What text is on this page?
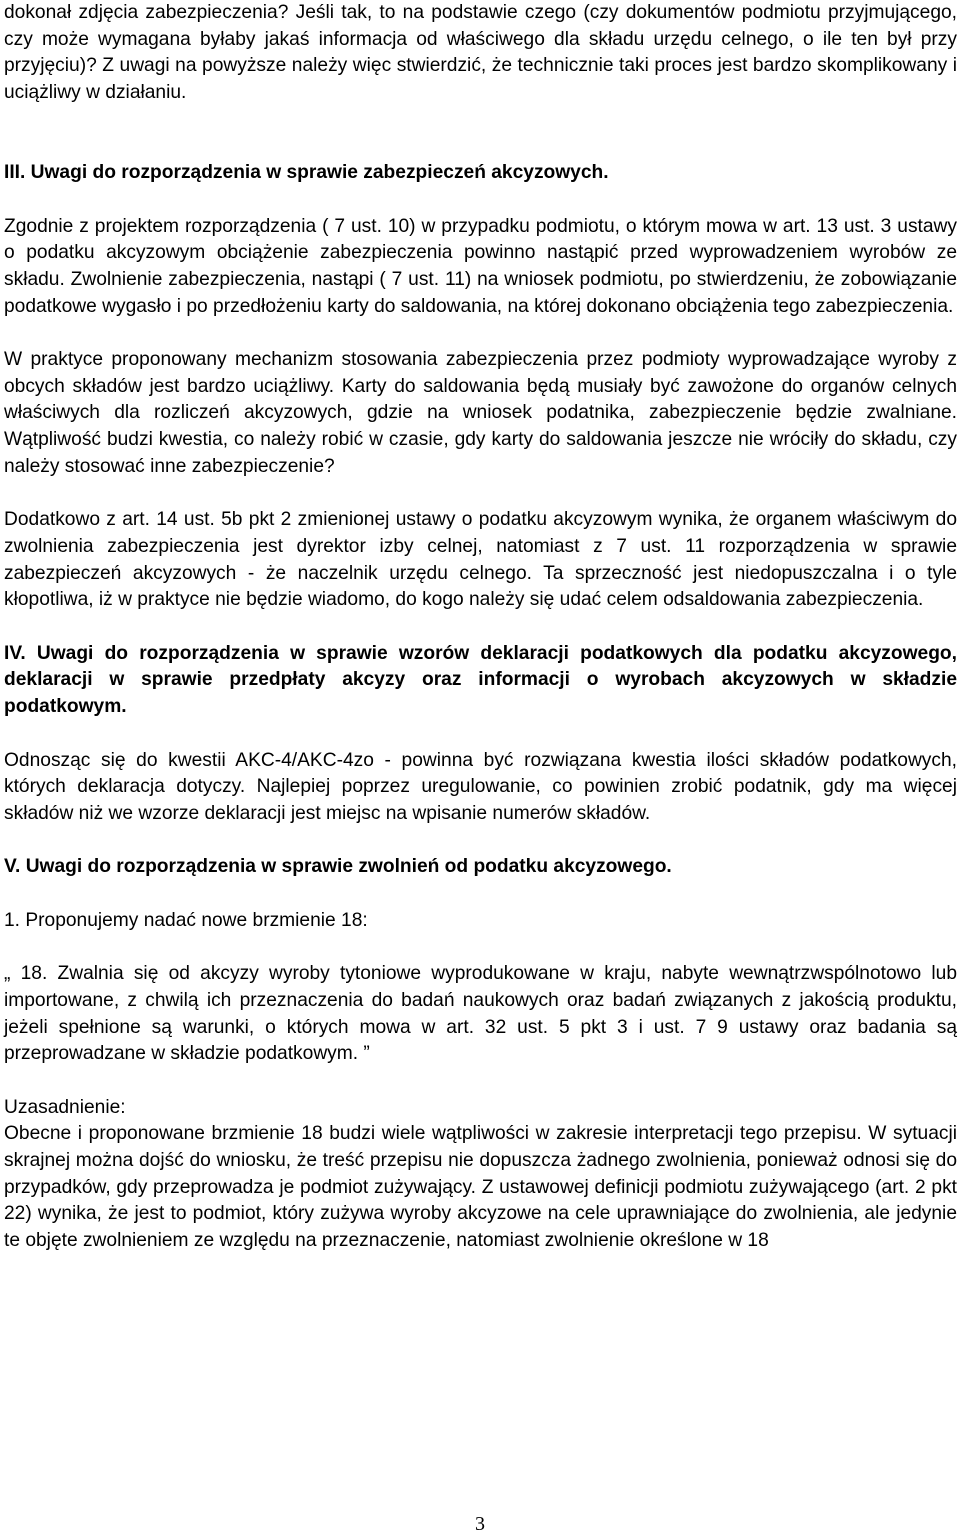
dokonał zdjęcia zabezpieczenia? Jeśli tak, to na podstawie czego (czy dokumentów podmiotu przyjmującego, czy może wymagana byłaby jakaś informacja od właściwego dla składu urzędu celnego, o ile ten był przy przyjęciu)? Z uwagi na powyższe należy więc stwierdzić, że technicznie taki proces jest bardzo skomplikowany i uciążliwy w działaniu.

III. Uwagi do rozporządzenia w sprawie zabezpieczeń akcyzowych.

Zgodnie z projektem rozporządzenia ( 7 ust. 10) w przypadku podmiotu, o którym mowa w art. 13 ust. 3 ustawy o podatku akcyzowym obciążenie zabezpieczenia powinno nastąpić przed wyprowadzeniem wyrobów ze składu. Zwolnienie zabezpieczenia, nastąpi ( 7 ust. 11) na wniosek podmiotu, po stwierdzeniu, że zobowiązanie podatkowe wygasło i po przedłożeniu karty do saldowania, na której dokonano obciążenia tego zabezpieczenia.

W praktyce proponowany mechanizm stosowania zabezpieczenia przez podmioty wyprowadzające wyroby z obcych składów jest bardzo uciążliwy. Karty do saldowania będą musiały być zawożone do organów celnych właściwych dla rozliczeń akcyzowych, gdzie na wniosek podatnika, zabezpieczenie będzie zwalniane. Wątpliwość budzi kwestia, co należy robić w czasie, gdy karty do saldowania jeszcze nie wróciły do składu, czy należy stosować inne zabezpieczenie?

Dodatkowo z art. 14 ust. 5b pkt 2 zmienionej ustawy o podatku akcyzowym wynika, że organem właściwym do zwolnienia zabezpieczenia jest dyrektor izby celnej, natomiast z 7 ust. 11 rozporządzenia w sprawie zabezpieczeń akcyzowych - że naczelnik urzędu celnego. Ta sprzeczność jest niedopuszczalna i o tyle kłopotliwa, iż w praktyce nie będzie wiadomo, do kogo należy się udać celem odsaldowania zabezpieczenia.

IV. Uwagi do rozporządzenia w sprawie wzorów deklaracji podatkowych dla podatku akcyzowego, deklaracji w sprawie przedpłaty akcyzy oraz informacji o wyrobach akcyzowych w składzie podatkowym.

Odnosząc się do kwestii AKC-4/AKC-4zo - powinna być rozwiązana kwestia ilości składów podatkowych, których deklaracja dotyczy. Najlepiej poprzez uregulowanie, co powinien zrobić podatnik, gdy ma więcej składów niż we wzorze deklaracji jest miejsc na wpisanie numerów składów.

V. Uwagi do rozporządzenia w sprawie zwolnień od podatku akcyzowego.

1. Proponujemy nadać nowe brzmienie 18:

„ 18. Zwalnia się od akcyzy wyroby tytoniowe wyprodukowane w kraju, nabyte wewnątrzwspólnotowo lub importowane, z chwilą ich przeznaczenia do badań naukowych oraz badań związanych z jakością produktu, jeżeli spełnione są warunki, o których mowa w art. 32 ust. 5 pkt 3 i ust. 7 9 ustawy oraz badania są przeprowadzane w składzie podatkowym. ”

Uzasadnienie:

Obecne i proponowane brzmienie 18 budzi wiele wątpliwości w zakresie interpretacji tego przepisu. W sytuacji skrajnej można dojść do wniosku, że treść przepisu nie dopuszcza żadnego zwolnienia, ponieważ odnosi się do przypadków, gdy przeprowadza je podmiot zużywający. Z ustawowej definicji podmiotu zużywającego (art. 2 pkt 22) wynika, że jest to podmiot, który zużywa wyroby akcyzowe na cele uprawniające do zwolnienia, ale jedynie te objęte zwolnieniem ze względu na przeznaczenie, natomiast zwolnienie określone w 18

3
